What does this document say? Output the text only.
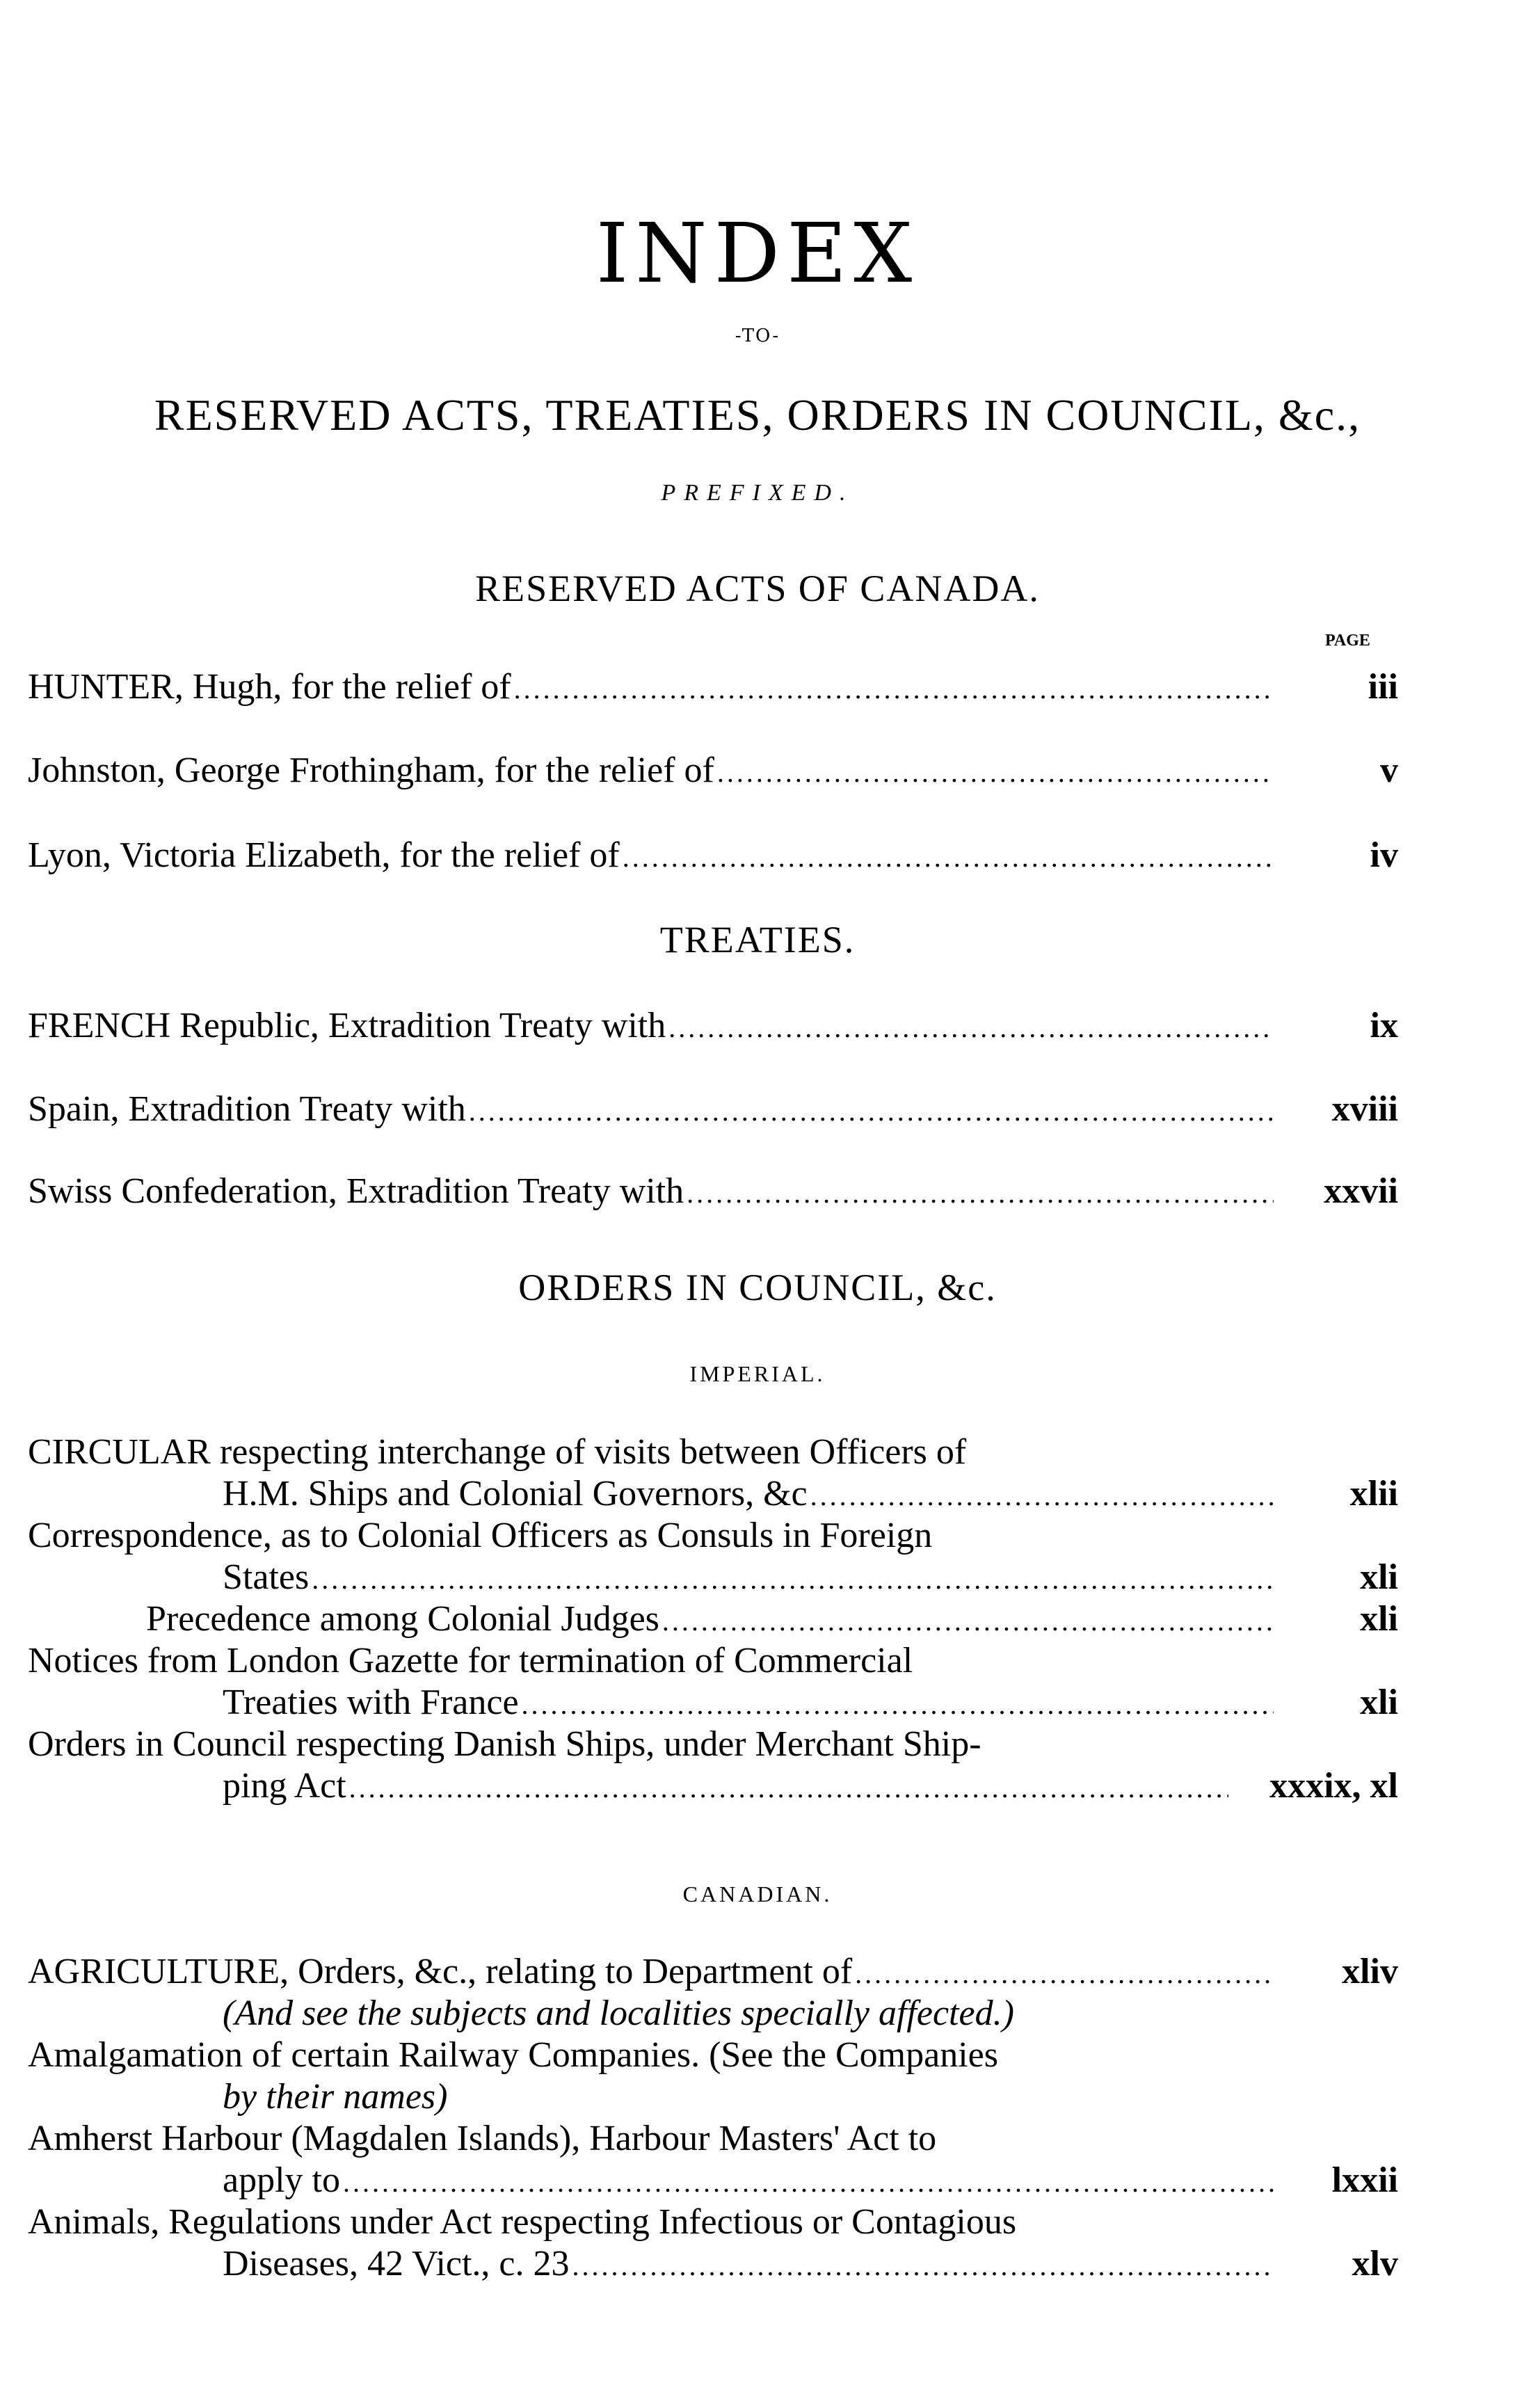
INDEX
-TO-
RESERVED ACTS, TREATIES, ORDERS IN COUNCIL, &c.,
PREFIXED.
RESERVED ACTS OF CANADA.
PAGE
HUNTER, Hugh, for the relief of .....	iii
Johnston, George Frothingham, for the relief of .....	v
Lyon, Victoria Elizabeth, for the relief of .....	iv
TREATIES.
FRENCH Republic, Extradition Treaty with .....	ix
Spain, Extradition Treaty with .....	xviii
Swiss Confederation, Extradition Treaty with .....	xxvii
ORDERS IN COUNCIL, &c.
IMPERIAL.
CIRCULAR respecting interchange of visits between Officers of
H.M. Ships and Colonial Governors, &c .....	xlii
Correspondence, as to Colonial Officers as Consuls in Foreign
States .....	xli
Precedence among Colonial Judges .....	xli
Notices from London Gazette for termination of Commercial
Treaties with France .....	xli
Orders in Council respecting Danish Ships, under Merchant Ship-
ping Act .....	xxxix, xl
CANADIAN.
AGRICULTURE, Orders, &c., relating to Department of .....	xliv
(And see the subjects and localities specially affected.)
Amalgamation of certain Railway Companies. (See the Companies
by their names)
Amherst Harbour (Magdalen Islands), Harbour Masters' Act to
apply to .....	lxxii
Animals, Regulations under Act respecting Infectious or Contagious
Diseases, 42 Vict., c. 23 .....	xlv
